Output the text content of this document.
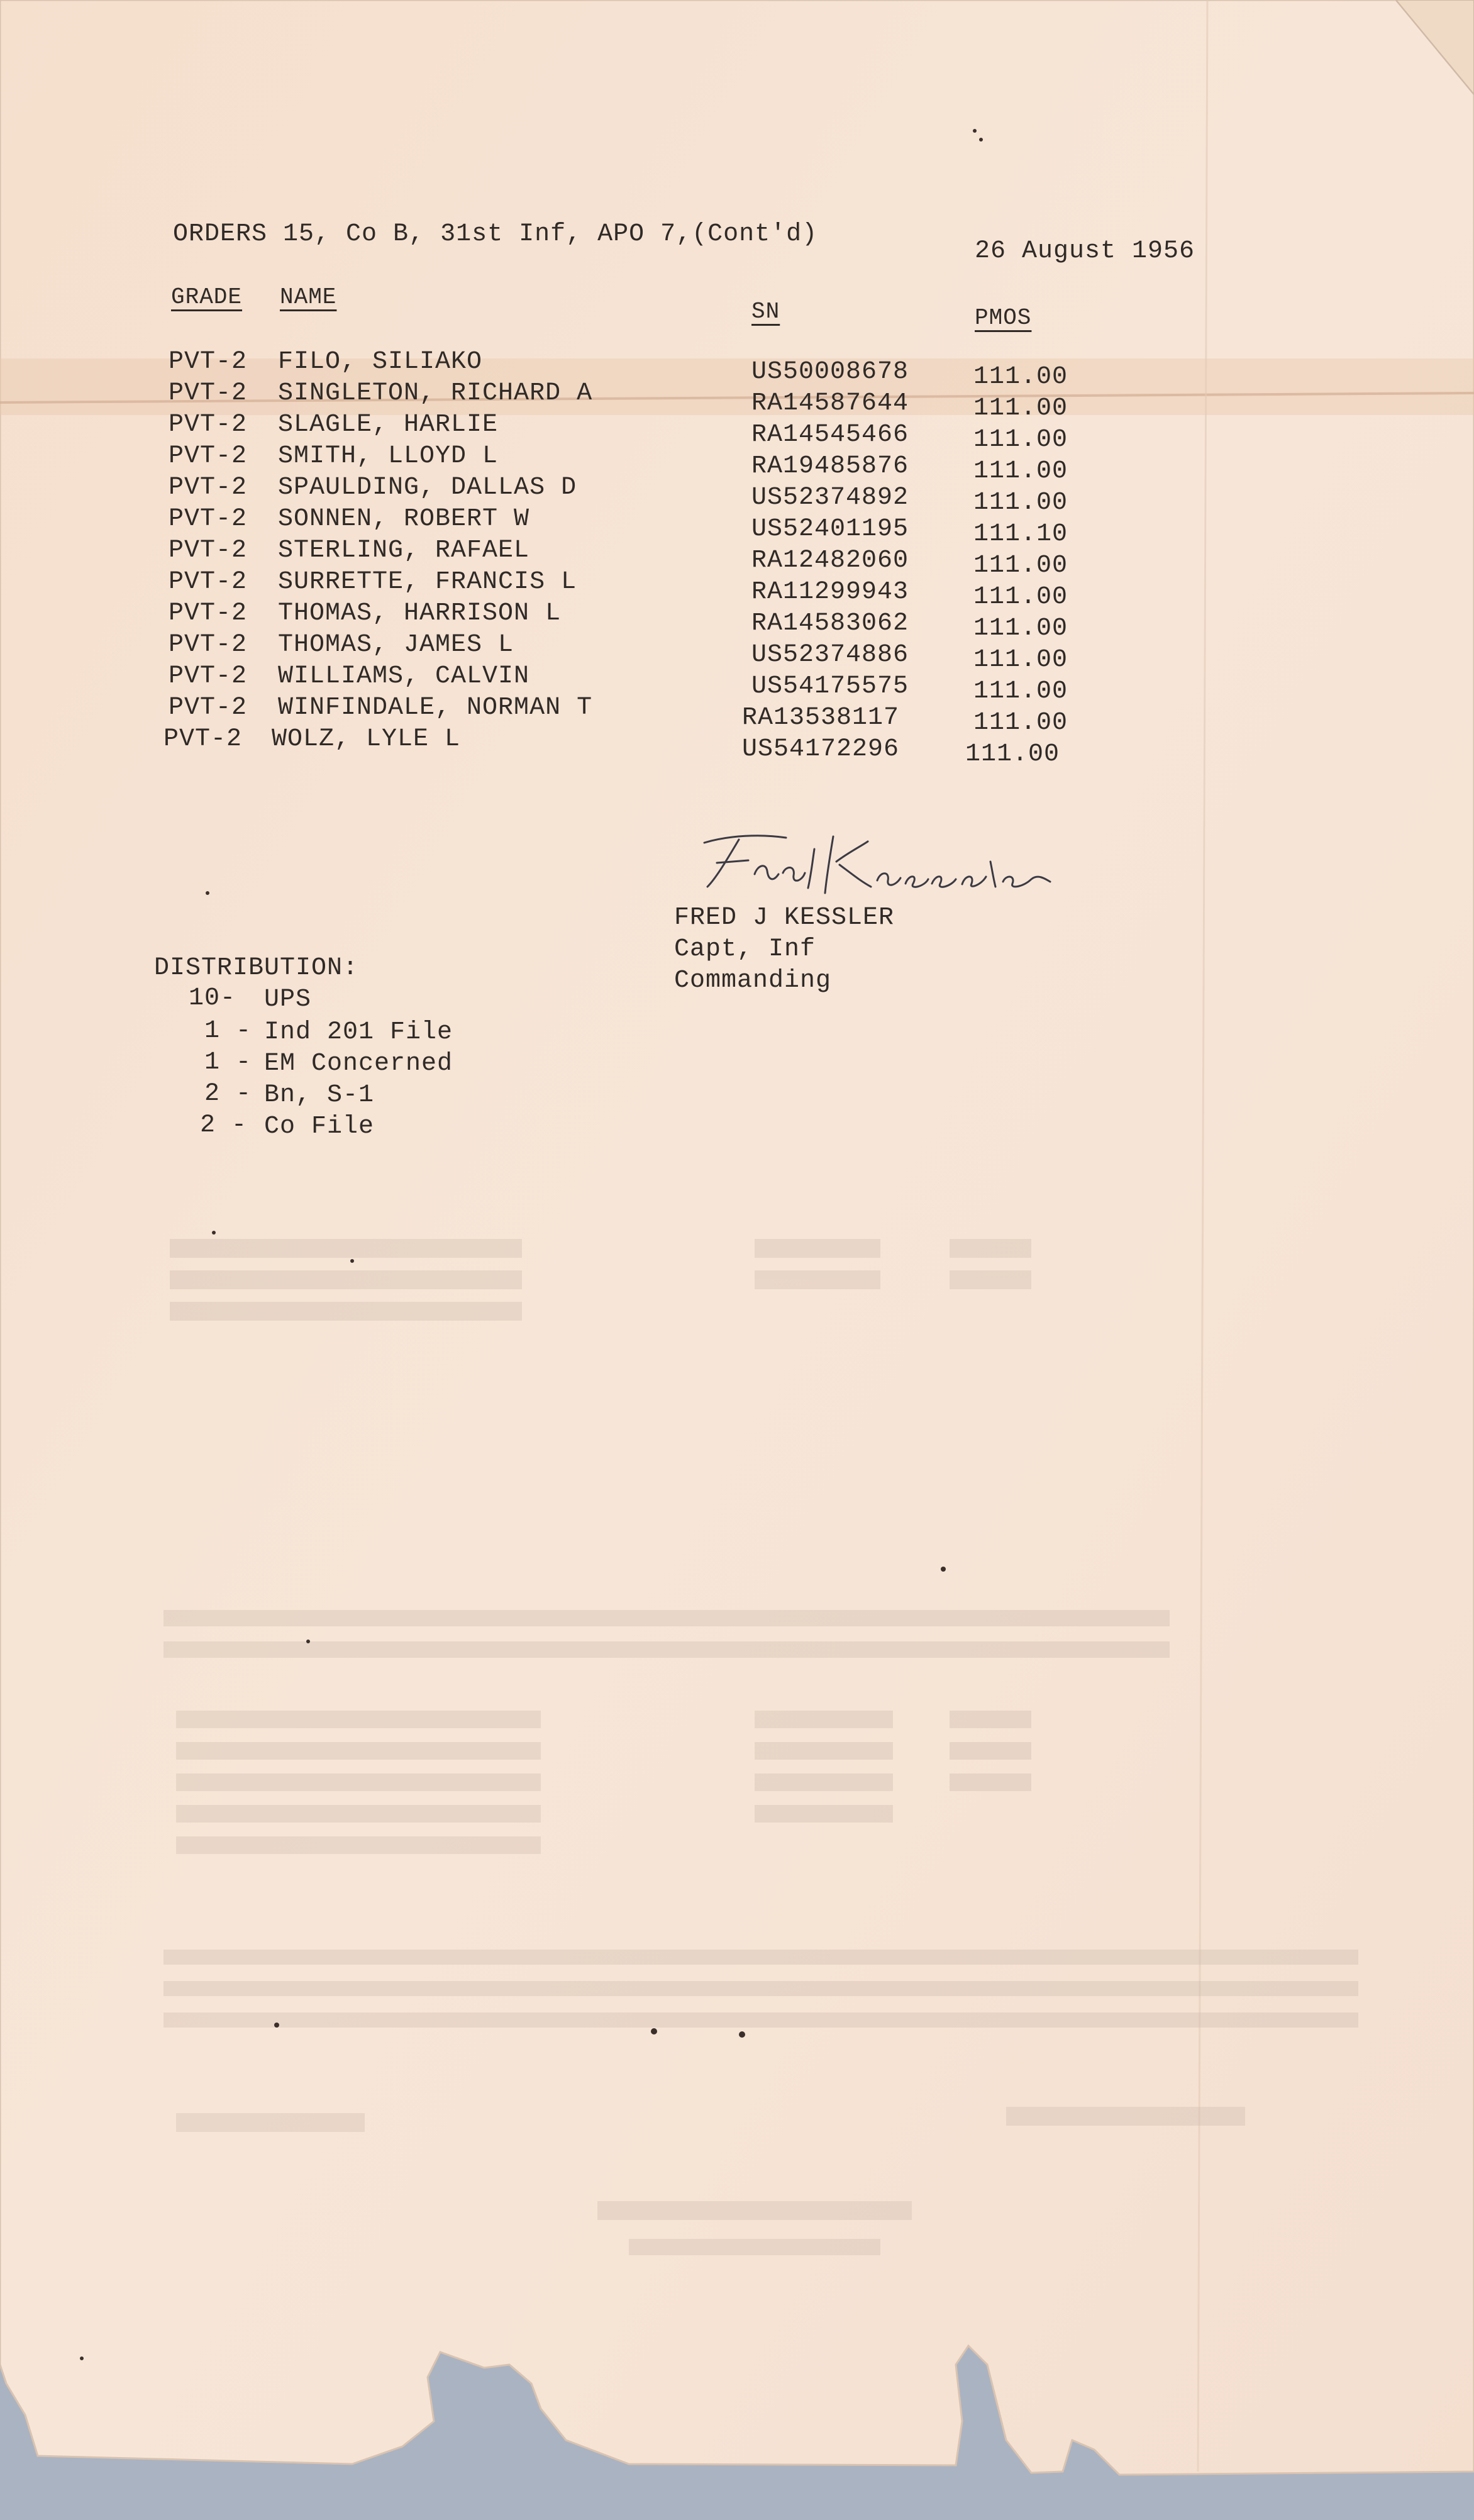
ORDERS 15, Co B, 31st Inf, APO 7,(Cont'd)
26 August 1956
GRADE NAME
SN	PMOS
PVT-2 FILO, SILIAKO	US50008678	111.00
PVT-2 SINGLETON, RICHARD A	RA14587644	111.00
PVT-2 SLAGLE, HARLIE	RA14545466	111.00
PVT-2 SMITH, LLOYD L	RA19485876	111.00
PVT-2 SPAULDING, DALLAS D	US52374892	111.00
PVT-2 SONNEN, ROBERT W	US52401195	111.10
PVT-2 STERLING, RAFAEL	RA12482060	111.00
PVT-2 SURRETTE, FRANCIS L	RA11299943	111.00
PVT-2 THOMAS, HARRISON L	RA14583062	111.00
PVT-2 THOMAS, JAMES L	US52374886	111.00
PVT-2 WILLIAMS, CALVIN	US54175575	111.00
PVT-2 WINFINDALE, NORMAN T	RA13538117	111.00
PVT-2 WOLZ, LYLE L	US54172296	111.00
FRED J KESSLER
Capt, Inf
Commanding
DISTRIBUTION:
10- UPS
1 - Ind 201 File
1 - EM Concerned
2 - Bn, S-1
2 - Co File
